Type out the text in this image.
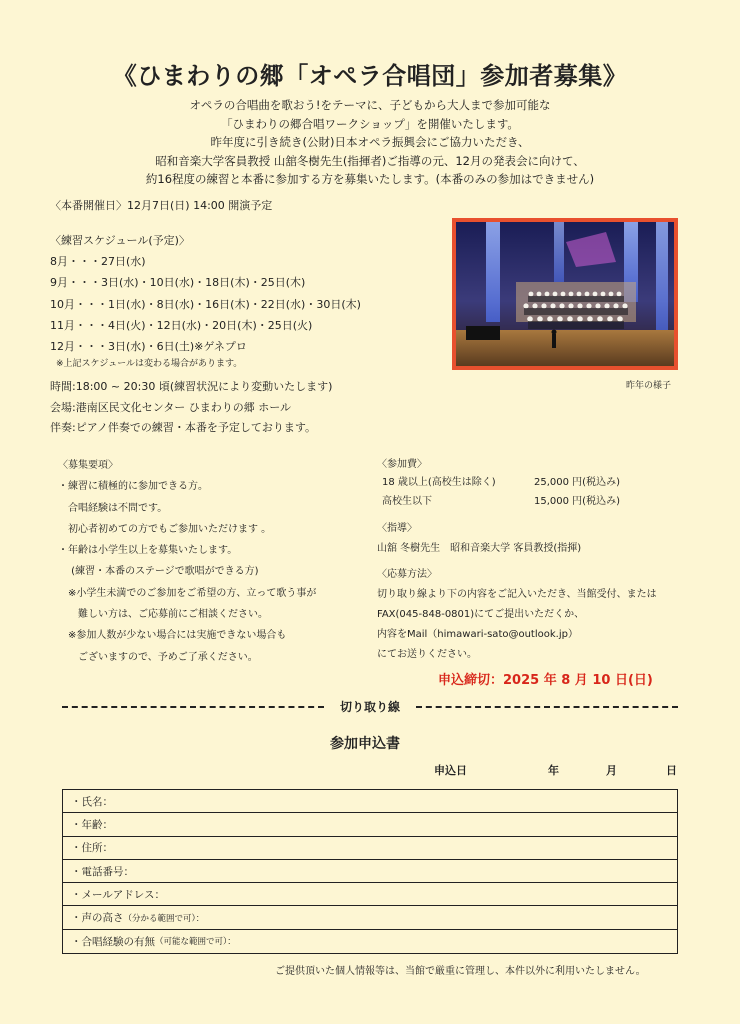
《ひまわりの郷「オペラ合唱団」参加者募集》
オペラの合唱曲を歌おう!をテーマに、子どもから大人まで参加可能な
「ひまわりの郷合唱ワークショップ」を開催いたします。
昨年度に引き続き(公財)日本オペラ振興会にご協力いただき、
昭和音楽大学客員教授 山舘冬樹先生(指揮者)ご指導の元、12月の発表会に向けて、
約16程度の練習と本番に参加する方を募集いたします。(本番のみの参加はできません)
〈本番開催日〉12月7日(日) 14:00 開演予定
〈練習スケジュール(予定)〉
8月・・・27日(水)
9月・・・3日(水)・10日(水)・18日(木)・25日(木)
10月・・・1日(水)・8日(水)・16日(木)・22日(水)・30日(木)
11月・・・4日(火)・12日(水)・20日(木)・25日(火)
12月・・・3日(水)・6日(土)※ゲネプロ
※上記スケジュールは変わる場合があります。
時間:18:00 ~ 20:30 頃(練習状況により変動いたします)
会場:港南区民文化センター ひまわりの郷 ホール
伴奏:ピアノ伴奏での練習・本番を予定しております。
昨年の様子
〈募集要項〉
・練習に積極的に参加できる方。
　合唱経験は不問です。
　初心者初めての方でもご参加いただけます 。
・年齢は小学生以上を募集いたします。
　 (練習・本番のステージで歌唱ができる方)
　※小学生未満でのご参加をご希望の方、立って歌う事が
　　難しい方は、ご応募前にご相談ください。
　※参加人数が少ない場合には実施できない場合も
　　ございますので、予めご了承ください。
〈参加費〉
18 歳以上(高校生は除く)	25,000 円(税込み)
高校生以下	15,000 円(税込み)
〈指導〉
山舘 冬樹先生　昭和音楽大学 客員教授(指揮)
〈応募方法〉
切り取り線より下の内容をご記入いただき、当館受付、または
FAX(045-848-0801)にてご提出いただくか、
内容をMail（himawari-sato@outlook.jp）
にてお送りください。
申込締切：2025 年 8 月 10 日(日)
切り取り線
参加申込書
申込日	年	月	日
・氏名：
・年齢：
・住所：
・電話番号：
・メールアドレス：
・声の高さ （分かる範囲で可）：
・合唱経験の有無 （可能な範囲で可）：
ご提供頂いた個人情報等は、当館で厳重に管理し、本件以外に利用いたしません。
